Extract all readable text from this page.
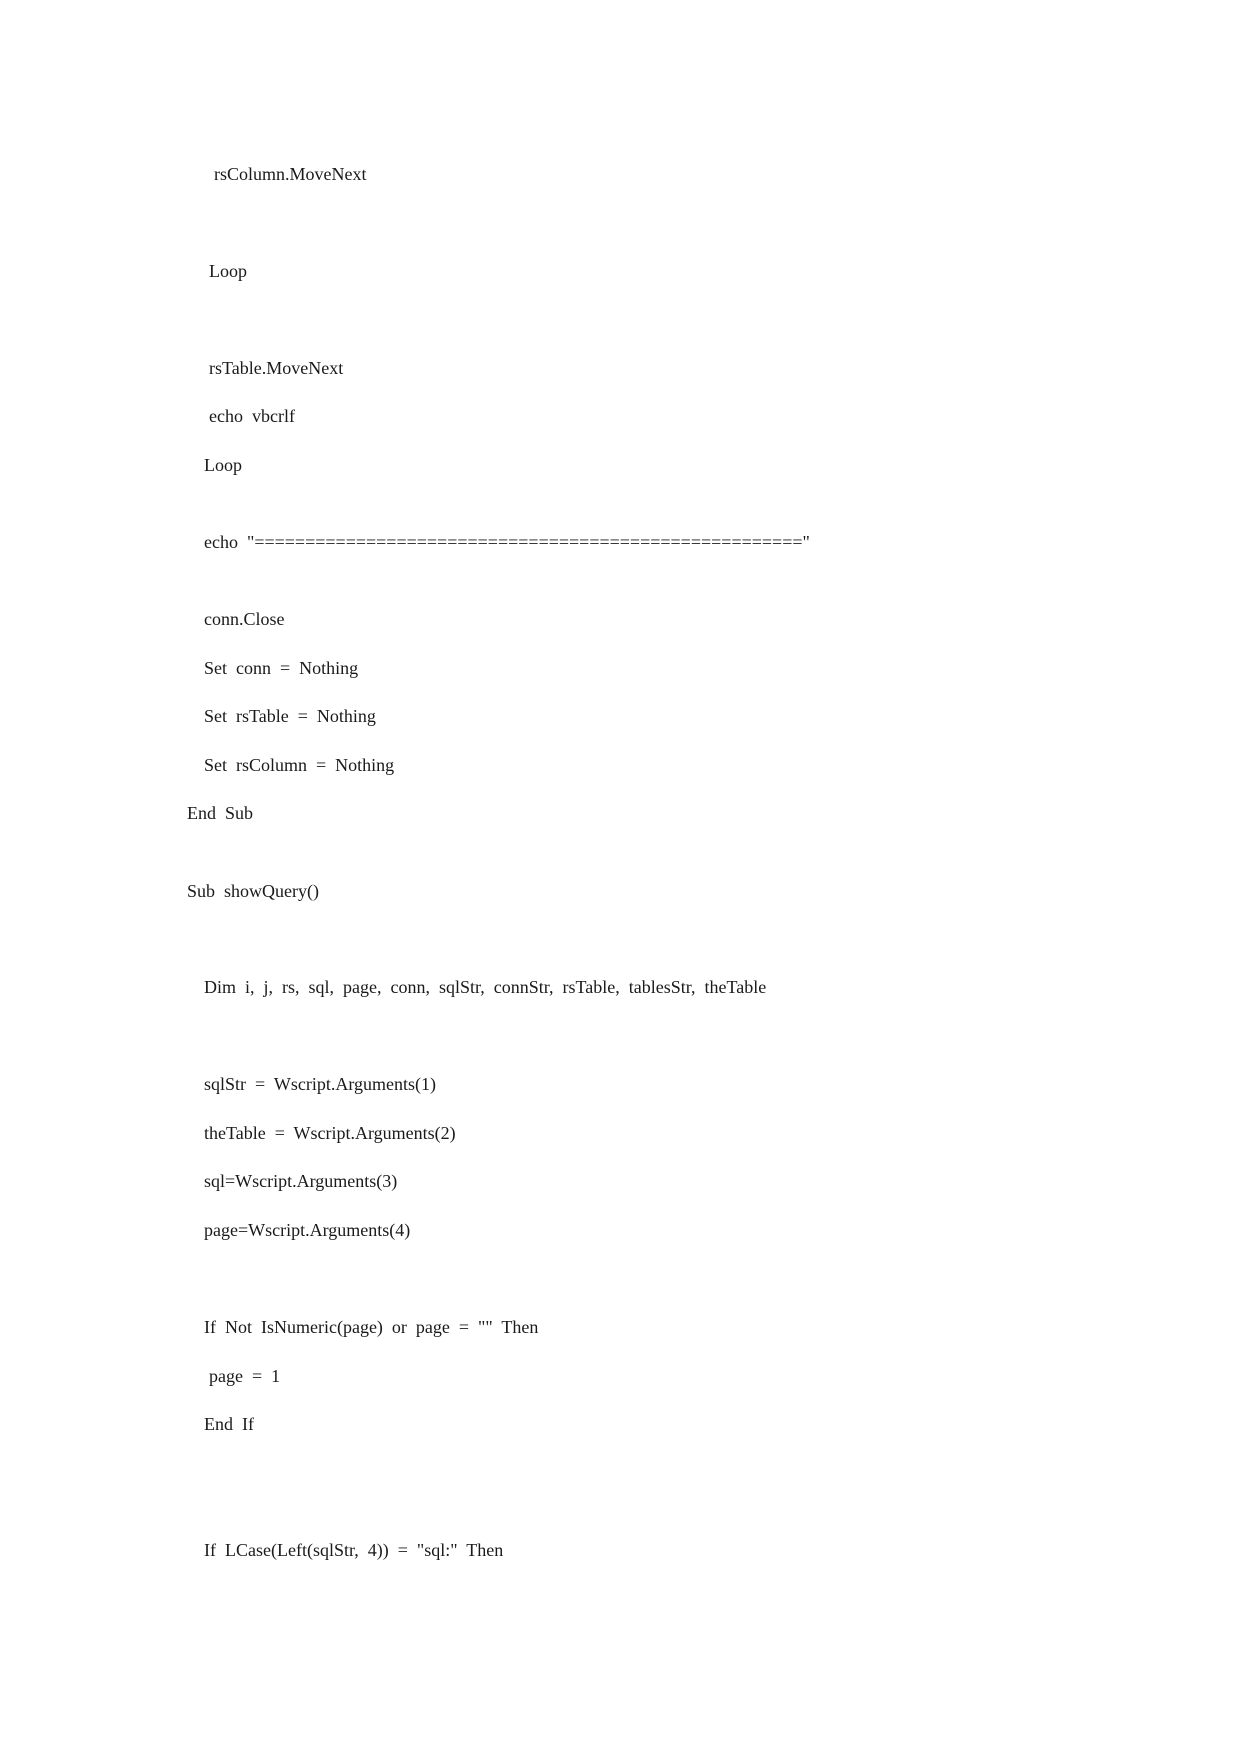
rsColumn.MoveNext

Loop

rsTable.MoveNext

echo  vbcrlf

Loop

echo  "======================================================"

conn.Close

Set  conn  =  Nothing

Set  rsTable  =  Nothing

Set  rsColumn  =  Nothing

End  Sub

Sub  showQuery()

Dim  i,  j,  rs,  sql,  page,  conn,  sqlStr,  connStr,  rsTable,  tablesStr,  theTable

sqlStr  =  Wscript.Arguments(1)

theTable  =  Wscript.Arguments(2)

sql=Wscript.Arguments(3)

page=Wscript.Arguments(4)

If  Not  IsNumeric(page)  or  page  =  ""  Then

page  =  1

End  If

If  LCase(Left(sqlStr,  4))  =  "sql:"  Then
